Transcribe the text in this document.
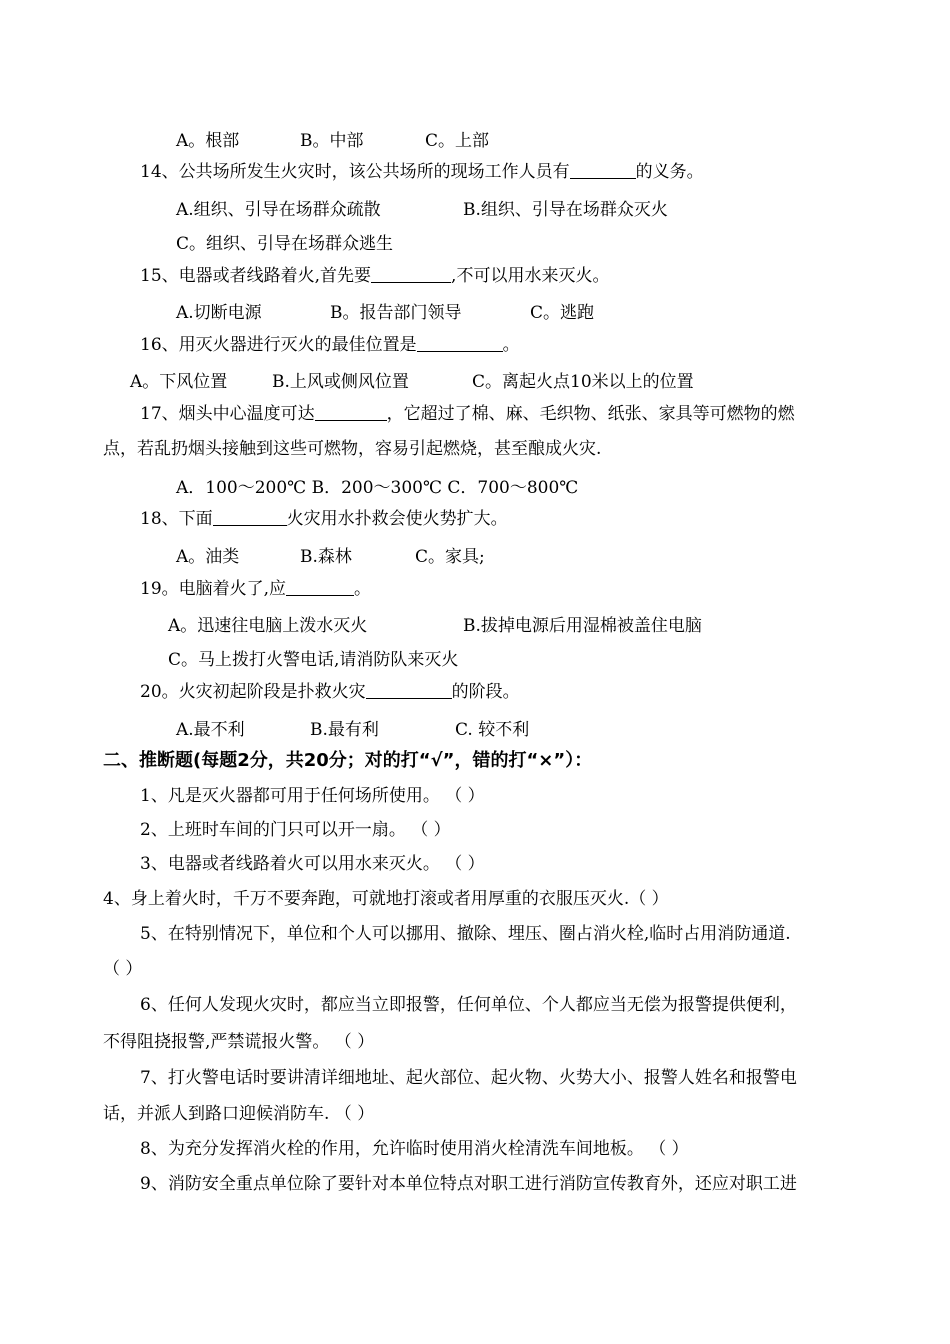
A。根部	B。中部	C。上部
14、公共场所发生火灾时，该公共场所的现场工作人员有	的义务。
A.组织、引导在场群众疏散	B.组织、引导在场群众灭火
C。组织、引导在场群众逃生
15、电器或者线路着火,首先要	,不可以用水来灭火。
A.切断电源	B。报告部门领导	C。逃跑
16、用灭火器进行灭火的最佳位置是	。
A。下风位置	B.上风或侧风位置	C。离起火点10米以上的位置
17、烟头中心温度可达	，它超过了棉、麻、毛织物、纸张、家具等可燃物的燃
点，若乱扔烟头接触到这些可燃物，容易引起燃烧，甚至酿成火灾.
A．100～200℃ B．200～300℃ C．700～800℃
18、下面	火灾用水扑救会使火势扩大。
A。油类	B.森林	C。家具;
19。电脑着火了,应	。
A。迅速往电脑上泼水灭火	B.拔掉电源后用湿棉被盖住电脑
C。马上拨打火警电话,请消防队来灭火
20。火灾初起阶段是扑救火灾	的阶段。
A.最不利	B.最有利	C. 较不利
二、推断题(每题2分，共20分；对的打“√”，错的打“×”）：
1、凡是灭火器都可用于任何场所使用。 （ ）
2、上班时车间的门只可以开一扇。 （ ）
3、电器或者线路着火可以用水来灭火。 （ ）
4、身上着火时，千万不要奔跑，可就地打滚或者用厚重的衣服压灭火.（ ）
5、在特别情况下，单位和个人可以挪用、撤除、埋压、圈占消火栓,临时占用消防通道.
（ ）
6、任何人发现火灾时，都应当立即报警，任何单位、个人都应当无偿为报警提供便利，
不得阻挠报警,严禁谎报火警。 （ ）
7、打火警电话时要讲清详细地址、起火部位、起火物、火势大小、报警人姓名和报警电
话，并派人到路口迎候消防车. （ ）
8、为充分发挥消火栓的作用，允许临时使用消火栓清洗车间地板。 （ ）
9、消防安全重点单位除了要针对本单位特点对职工进行消防宣传教育外，还应对职工进
